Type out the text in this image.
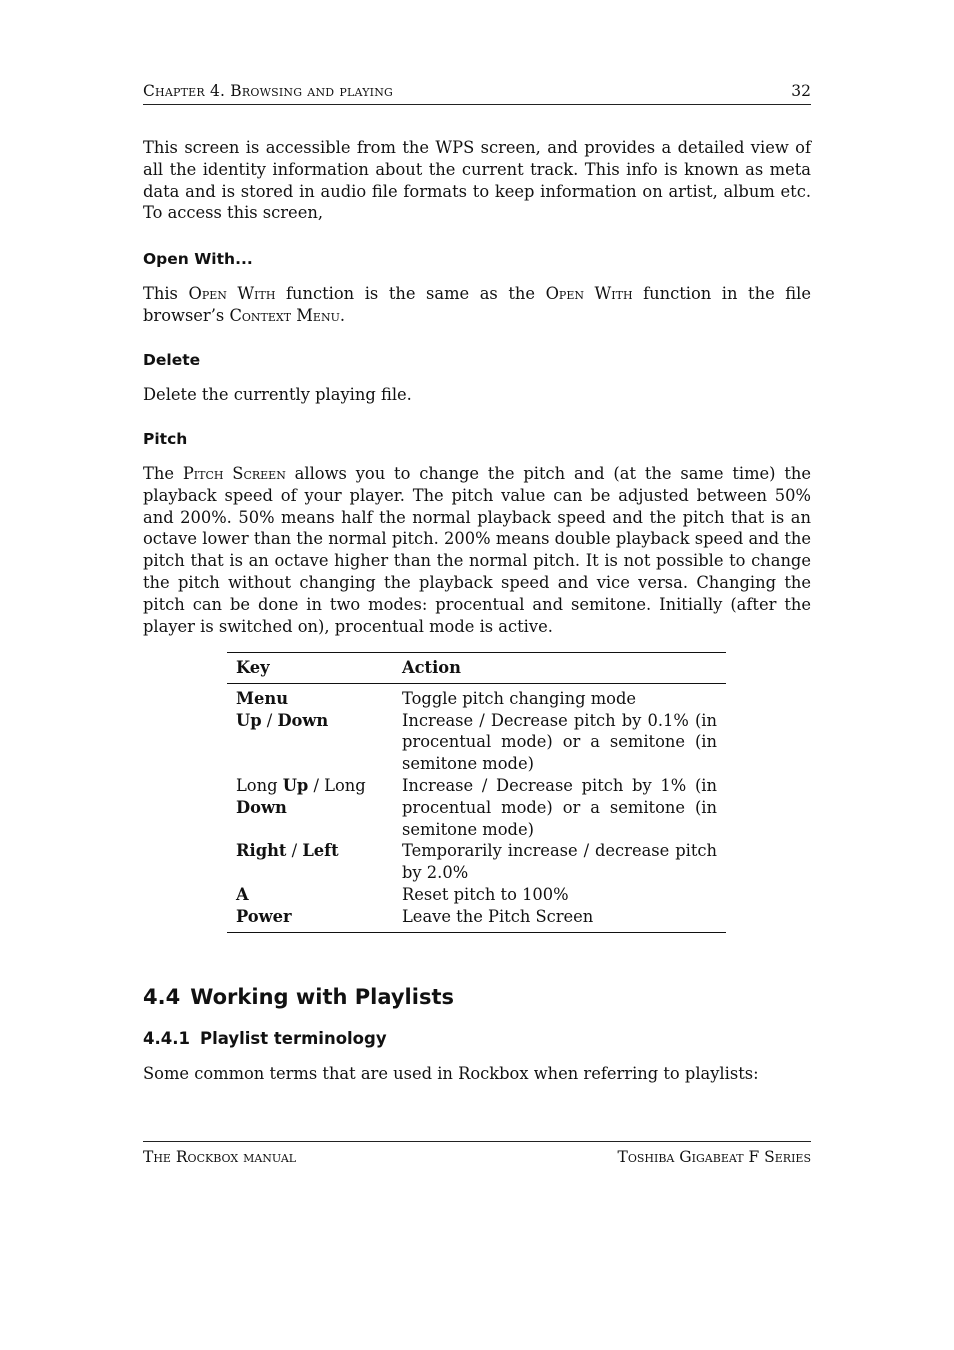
Chapter 4. Browsing and playing	32

This screen is accessible from the WPS screen, and provides a detailed view of all the identity information about the current track. This info is known as meta data and is stored in audio file formats to keep information on artist, album etc. To access this screen,

Open With...

This Open With function is the same as the Open With function in the file browser’s Context Menu.

Delete

Delete the currently playing file.

Pitch

The Pitch Screen allows you to change the pitch and (at the same time) the playback speed of your player. The pitch value can be adjusted between 50% and 200%. 50% means half the normal playback speed and the pitch that is an octave lower than the normal pitch. 200% means double playback speed and the pitch that is an octave higher than the normal pitch. It is not possible to change the pitch without changing the playback speed and vice versa. Changing the pitch can be done in two modes: procentual and semitone. Initially (after the player is switched on), procentual mode is active.

Key	Action
Menu	Toggle pitch changing mode
Up / Down	Increase / Decrease pitch by 0.1% (in procentual mode) or a semitone (in semitone mode)
Long Up / Long Down	Increase / Decrease pitch by 1% (in procentual mode) or a semitone (in semitone mode)
Right / Left	Temporarily increase / decrease pitch by 2.0%
A	Reset pitch to 100%
Power	Leave the Pitch Screen
4.4 Working with Playlists
4.4.1 Playlist terminology

Some common terms that are used in Rockbox when referring to playlists:

The Rockbox manual	Toshiba Gigabeat F Series
